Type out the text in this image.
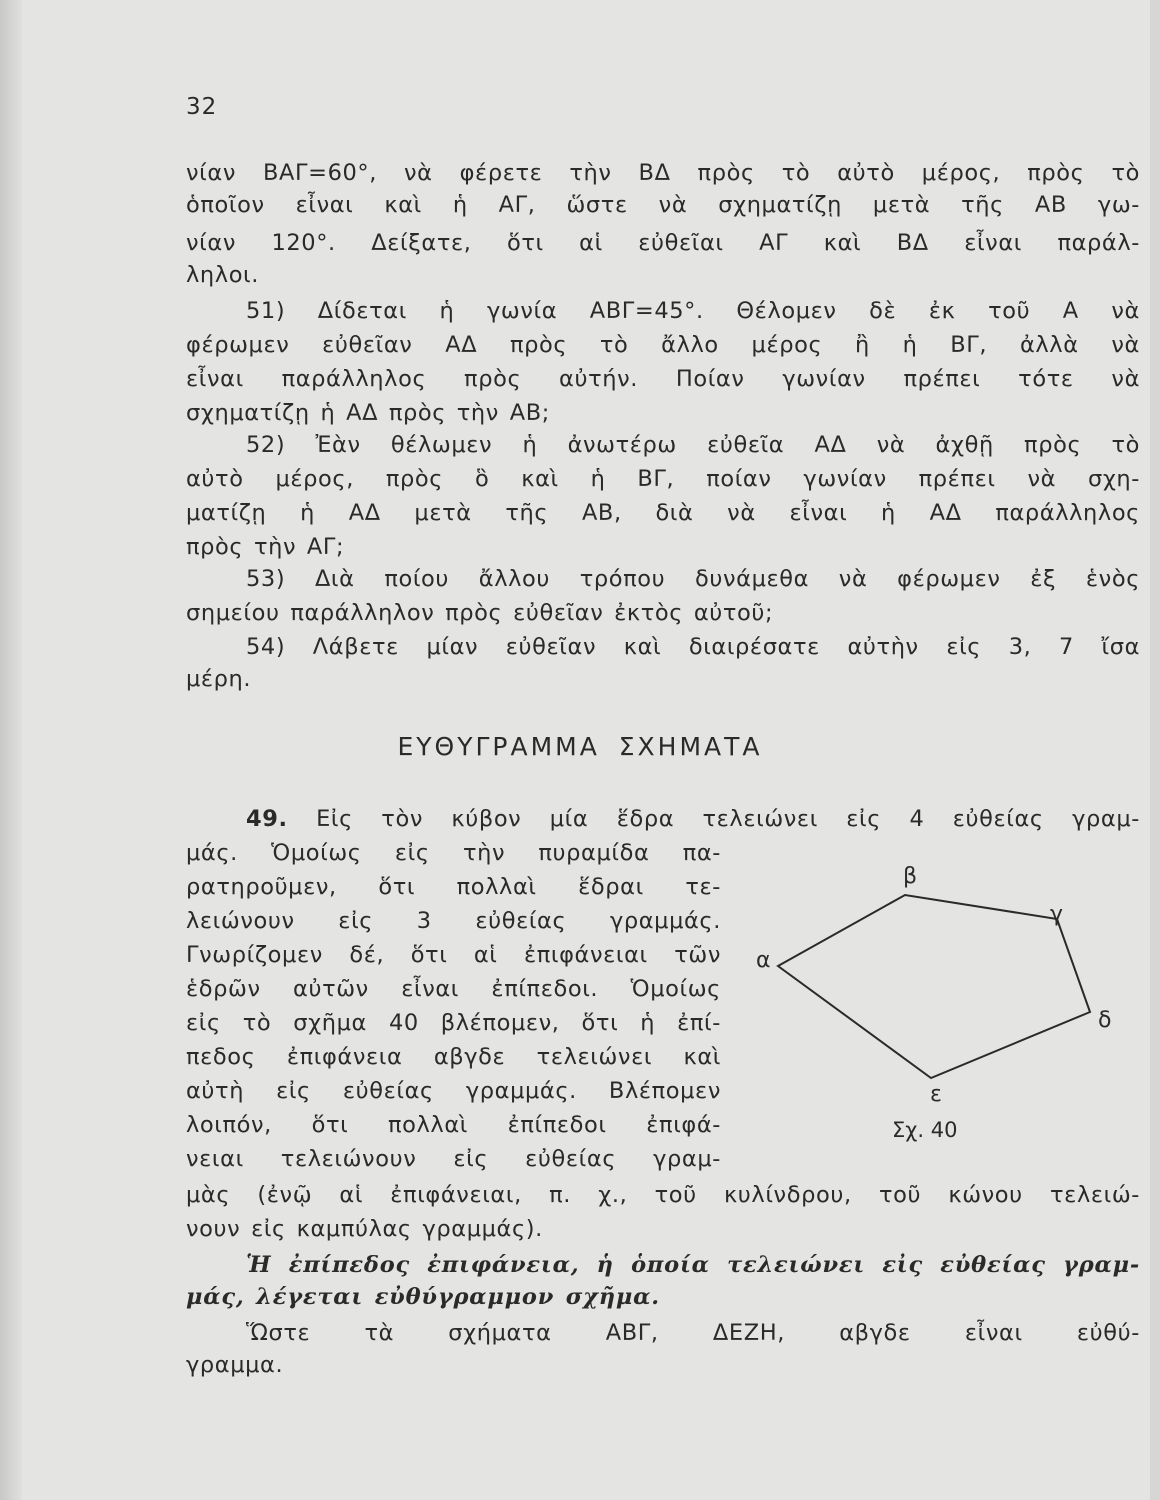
32
νίαν ΒΑΓ=60°, νὰ φέρετε τὴν ΒΔ πρὸς τὸ αὐτὸ μέρος, πρὸς τὸ
ὁποῖον εἶναι καὶ ἡ ΑΓ, ὥστε νὰ σχηματίζῃ μετὰ τῆς ΑΒ γω-
νίαν 120°. Δείξατε, ὅτι αἱ εὐθεῖαι ΑΓ καὶ ΒΔ εἶναι παράλ-
ληλοι.
51) Δίδεται ἡ γωνία ΑΒΓ=45°. Θέλομεν δὲ ἐκ τοῦ Α νὰ
φέρωμεν εὐθεῖαν ΑΔ πρὸς τὸ ἄλλο μέρος ἢ ἡ ΒΓ, ἀλλὰ νὰ
εἶναι παράλληλος πρὸς αὐτήν. Ποίαν γωνίαν πρέπει τότε νὰ
σχηματίζῃ ἡ ΑΔ πρὸς τὴν ΑΒ;
52) Ἐὰν θέλωμεν ἡ ἀνωτέρω εὐθεῖα ΑΔ νὰ ἀχθῇ πρὸς τὸ
αὐτὸ μέρος, πρὸς ὃ καὶ ἡ ΒΓ, ποίαν γωνίαν πρέπει νὰ σχη-
ματίζῃ ἡ ΑΔ μετὰ τῆς ΑΒ, διὰ νὰ εἶναι ἡ ΑΔ παράλληλος
πρὸς τὴν ΑΓ;
53) Διὰ ποίου ἄλλου τρόπου δυνάμεθα νὰ φέρωμεν ἐξ ἑνὸς
σημείου παράλληλον πρὸς εὐθεῖαν ἐκτὸς αὐτοῦ;
54) Λάβετε μίαν εὐθεῖαν καὶ διαιρέσατε αὐτὴν εἰς 3, 7 ἴσα
μέρη.
ΕΥΘΥΓΡΑΜΜΑ ΣΧΗΜΑΤΑ
49. Εἰς τὸν κύβον μία ἕδρα τελειώνει εἰς 4 εὐθείας γραμ-
μάς. Ὁμοίως εἰς τὴν πυραμίδα πα-
ρατηροῦμεν, ὅτι πολλαὶ ἕδραι τε-
λειώνουν εἰς 3 εὐθείας γραμμάς.
Γνωρίζομεν δέ, ὅτι αἱ ἐπιφάνειαι τῶν
ἑδρῶν αὐτῶν εἶναι ἐπίπεδοι. Ὁμοίως
εἰς τὸ σχῆμα 40 βλέπομεν, ὅτι ἡ ἐπί-
πεδος ἐπιφάνεια αβγδε τελειώνει καὶ
αὐτὴ εἰς εὐθείας γραμμάς. Βλέπομεν
λοιπόν, ὅτι πολλαὶ ἐπίπεδοι ἐπιφά-
νειαι τελειώνουν εἰς εὐθείας γραμ-
μὰς (ἐνῷ αἱ ἐπιφάνειαι, π. χ., τοῦ κυλίνδρου, τοῦ κώνου τελειώ-
νουν εἰς καμπύλας γραμμάς).
Ἡ ἐπίπεδος ἐπιφάνεια, ἡ ὁποία τελειώνει εἰς εὐθείας γραμ-
μάς, λέγεται εὐθύγραμμον σχῆμα.
Ὥστε τὰ σχήματα ΑΒΓ, ΔΕΖΗ, αβγδε εἶναι εὐθύ-
γραμμα.
α
β
γ
δ
ε
Σχ. 40
